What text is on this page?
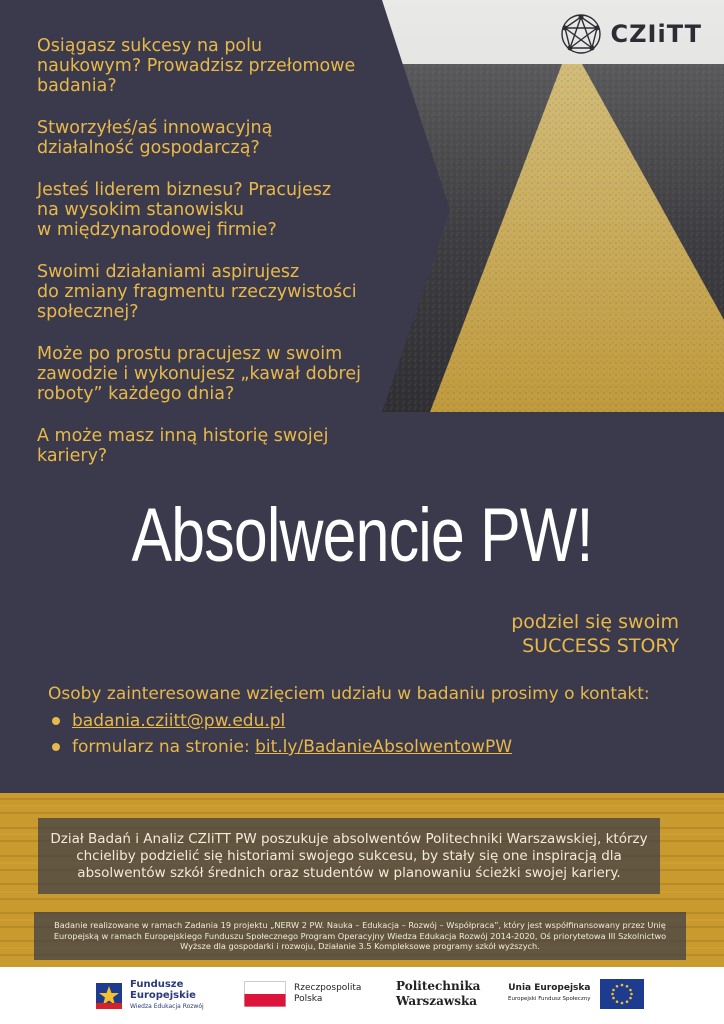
CZIiTT

Osiągasz sukcesy na polu
naukowym? Prowadzisz przełomowe
badania?

Stworzyłeś/aś innowacyjną
działalność gospodarczą?

Jesteś liderem biznesu? Pracujesz
na wysokim stanowisku
w międzynarodowej firmie?

Swoimi działaniami aspirujesz
do zmiany fragmentu rzeczywistości
społecznej?

Może po prostu pracujesz w swoim
zawodzie i wykonujesz „kawał dobrej
roboty” każdego dnia?

A może masz inną historię swojej
kariery?

Absolwencie PW!
podziel się swoim
SUCCESS STORY
Osoby zainteresowane wzięciem udziału w badaniu prosimy o kontakt:
badania.cziitt@pw.edu.pl
formularz na stronie: bit.ly/BadanieAbsolwentowPW
Dział Badań i Analiz CZIiTT PW poszukuje absolwentów Politechniki Warszawskiej, którzy chcieliby podzielić się historiami swojego sukcesu, by stały się one inspiracją dla absolwentów szkół średnich oraz studentów w planowaniu ścieżki swojej kariery.
Badanie realizowane w ramach Zadania 19 projektu „NERW 2 PW. Nauka – Edukacja – Rozwój – Współpraca”, który jest współfinansowany przez Unię Europejską w ramach Europejskiego Funduszu Społecznego Program Operacyjny Wiedza Edukacja Rozwój 2014-2020, Oś priorytetowa III Szkolnictwo Wyższe dla gospodarki i rozwoju, Działanie 3.5 Kompleksowe programy szkół wyższych.
Fundusze
Europejskie
Wiedza Edukacja Rozwój
Rzeczpospolita
Polska
Politechnika
Warszawska
Unia Europejska
Europejski Fundusz Społeczny
